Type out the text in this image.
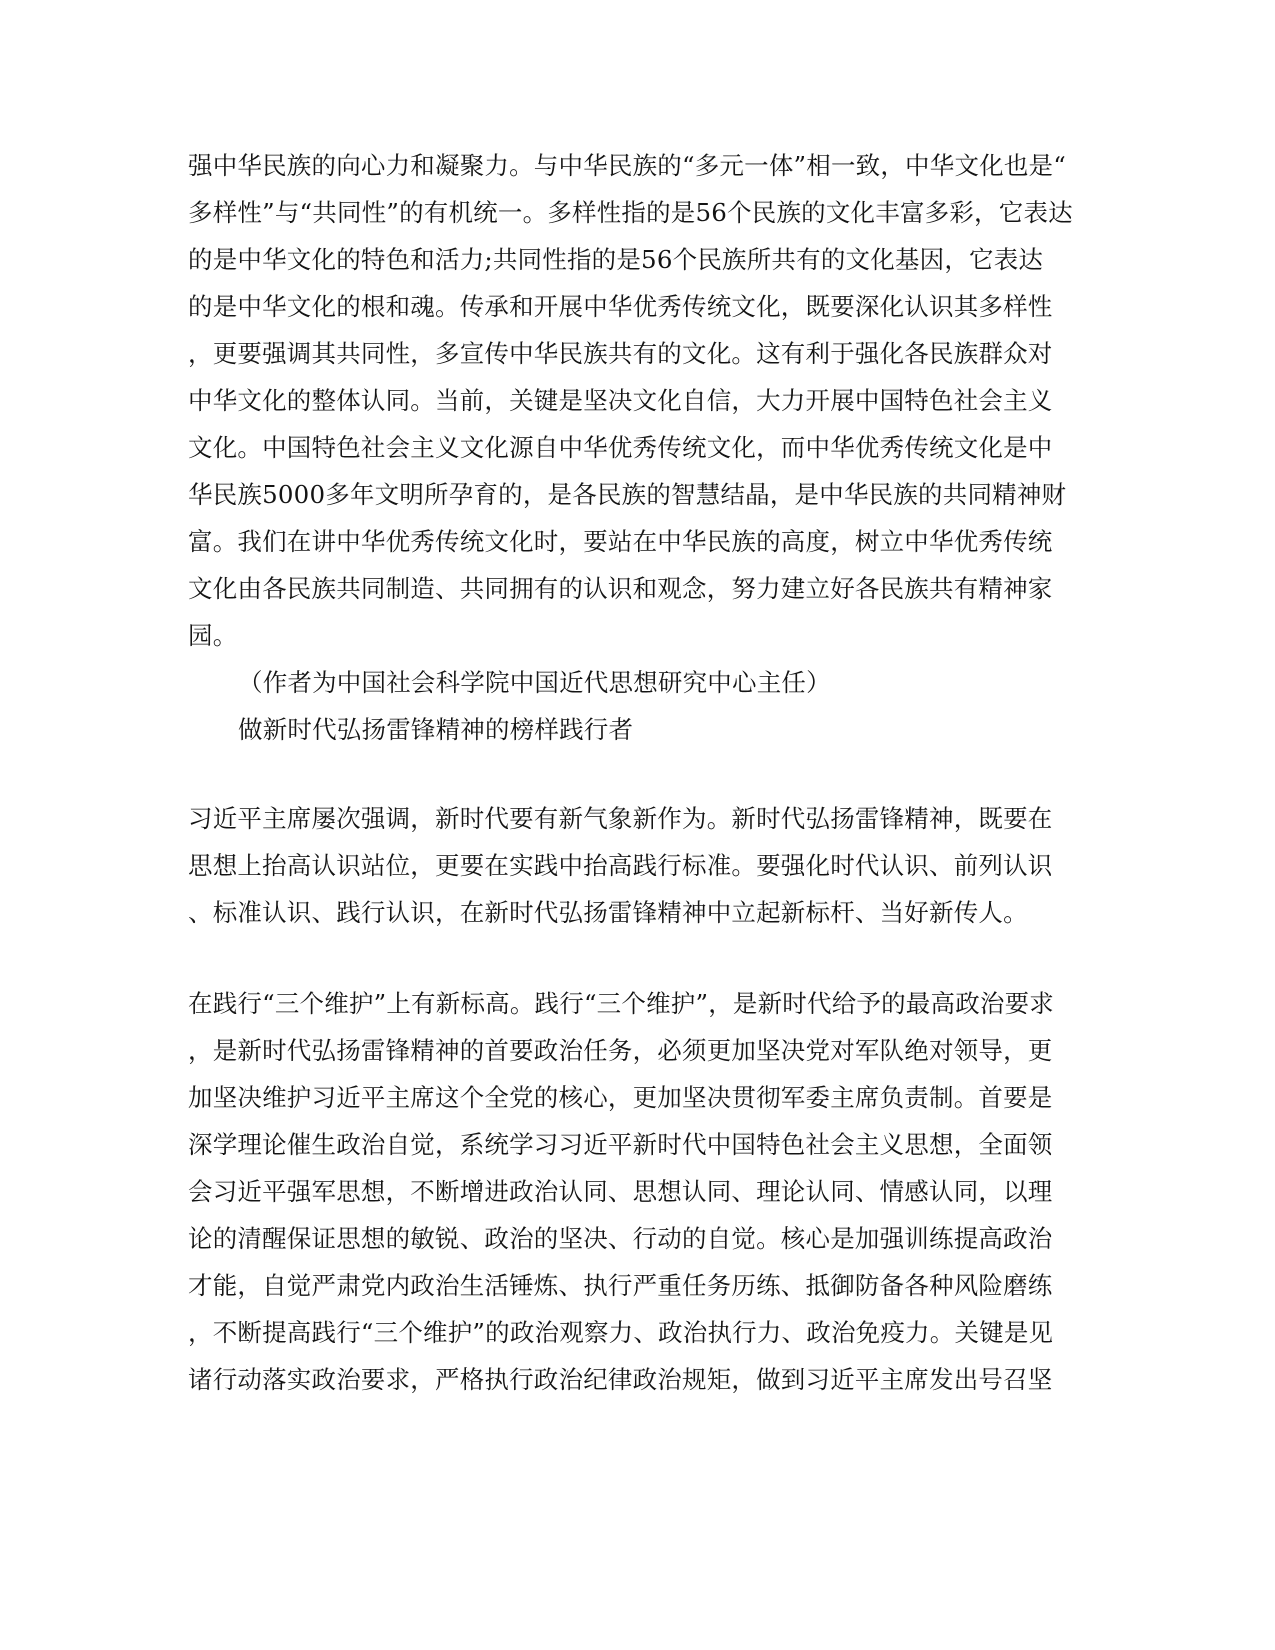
强中华民族的向心力和凝聚力。与中华民族的“多元一体”相一致，中华文化也是“
多样性”与“共同性”的有机统一。多样性指的是56个民族的文化丰富多彩，它表达
的是中华文化的特色和活力;共同性指的是56个民族所共有的文化基因，它表达
的是中华文化的根和魂。传承和开展中华优秀传统文化，既要深化认识其多样性
，更要强调其共同性，多宣传中华民族共有的文化。这有利于强化各民族群众对
中华文化的整体认同。当前，关键是坚决文化自信，大力开展中国特色社会主义
文化。中国特色社会主义文化源自中华优秀传统文化，而中华优秀传统文化是中
华民族5000多年文明所孕育的，是各民族的智慧结晶，是中华民族的共同精神财
富。我们在讲中华优秀传统文化时，要站在中华民族的高度，树立中华优秀传统
文化由各民族共同制造、共同拥有的认识和观念，努力建立好各民族共有精神家
园。
（作者为中国社会科学院中国近代思想研究中心主任）
做新时代弘扬雷锋精神的榜样践行者
习近平主席屡次强调，新时代要有新气象新作为。新时代弘扬雷锋精神，既要在
思想上抬高认识站位，更要在实践中抬高践行标准。要强化时代认识、前列认识
、标准认识、践行认识，在新时代弘扬雷锋精神中立起新标杆、当好新传人。
在践行“三个维护”上有新标高。践行“三个维护”，是新时代给予的最高政治要求
，是新时代弘扬雷锋精神的首要政治任务，必须更加坚决党对军队绝对领导，更
加坚决维护习近平主席这个全党的核心，更加坚决贯彻军委主席负责制。首要是
深学理论催生政治自觉，系统学习习近平新时代中国特色社会主义思想，全面领
会习近平强军思想，不断增进政治认同、思想认同、理论认同、情感认同，以理
论的清醒保证思想的敏锐、政治的坚决、行动的自觉。核心是加强训练提高政治
才能，自觉严肃党内政治生活锤炼、执行严重任务历练、抵御防备各种风险磨练
，不断提高践行“三个维护”的政治观察力、政治执行力、政治免疫力。关键是见
诸行动落实政治要求，严格执行政治纪律政治规矩，做到习近平主席发出号召坚
